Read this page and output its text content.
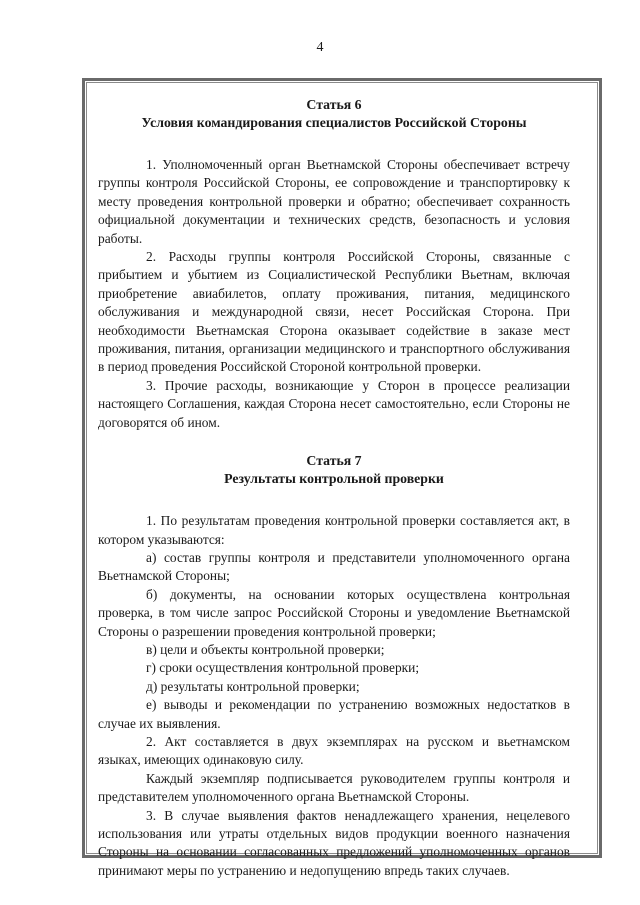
4
Статья 6
Условия командирования специалистов Российской Стороны

1. Уполномоченный орган Вьетнамской Стороны обеспечивает встречу группы контроля Российской Стороны, ее сопровождение и транспортировку к месту проведения контрольной проверки и обратно; обеспечивает сохранность официальной документации и технических средств, безопасность и условия работы.

2. Расходы группы контроля Российской Стороны, связанные с прибытием и убытием из Социалистической Республики Вьетнам, включая приобретение авиабилетов, оплату проживания, питания, медицинского обслуживания и международной связи, несет Российская Сторона. При необходимости Вьетнамская Сторона оказывает содействие в заказе мест проживания, питания, организации медицинского и транспортного обслуживания в период проведения Российской Стороной контрольной проверки.

3. Прочие расходы, возникающие у Сторон в процессе реализации настоящего Соглашения, каждая Сторона несет самостоятельно, если Стороны не договорятся об ином.

Статья 7
Результаты контрольной проверки

1. По результатам проведения контрольной проверки составляется акт, в котором указываются:

а) состав группы контроля и представители уполномоченного органа Вьетнамской Стороны;

б) документы, на основании которых осуществлена контрольная проверка, в том числе запрос Российской Стороны и уведомление Вьетнамской Стороны о разрешении проведения контрольной проверки;

в) цели и объекты контрольной проверки;

г) сроки осуществления контрольной проверки;

д) результаты контрольной проверки;

е) выводы и рекомендации по устранению возможных недостатков в случае их выявления.

2. Акт составляется в двух экземплярах на русском и вьетнамском языках, имеющих одинаковую силу.

Каждый экземпляр подписывается руководителем группы контроля и представителем уполномоченного органа Вьетнамской Стороны.

3. В случае выявления фактов ненадлежащего хранения, нецелевого использования или утраты отдельных видов продукции военного назначения Стороны на основании согласованных предложений уполномоченных органов принимают меры по устранению и недопущению впредь таких случаев.
